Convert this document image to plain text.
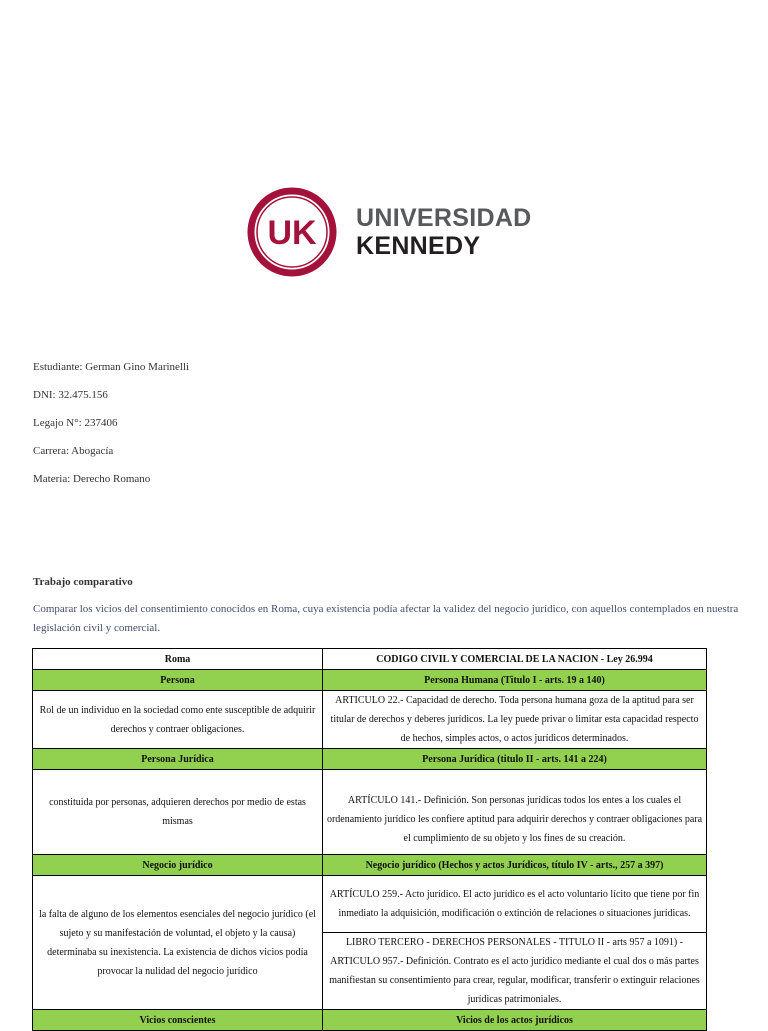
UK UNIVERSIDAD
KENNEDY

Estudiante: German Gino Marinelli

DNI: 32.475.156

Legajo N°: 237406

Carrera: Abogacía

Materia: Derecho Romano

Trabajo comparativo

Comparar los vicios del consentimiento conocidos en Roma, cuya existencia podía afectar la validez del negocio jurídico, con aquellos contemplados en nuestra legislación civil y comercial.

Roma	CODIGO CIVIL Y COMERCIAL DE LA NACION - Ley 26.994
Persona	Persona Humana (Titulo I - arts. 19 a 140)
Rol de un individuo en la sociedad como ente susceptible de adquirir derechos y contraer obligaciones.	ARTICULO 22.- Capacidad de derecho. Toda persona humana goza de la aptitud para ser titular de derechos y deberes jurídicos. La ley puede privar o limitar esta capacidad respecto de hechos, simples actos, o actos jurídicos determinados.
Persona Jurídica	Persona Jurídica (titulo II - arts. 141 a 224)
constituida por personas, adquieren derechos por medio de estas mismas	ARTÍCULO 141.- Definición. Son personas jurídicas todos los entes a los cuales el ordenamiento jurídico les confiere aptitud para adquirir derechos y contraer obligaciones para el cumplimiento de su objeto y los fines de su creación.
Negocio jurídico	Negocio jurídico (Hechos y actos Jurídicos, título IV - arts., 257 a 397)
la falta de alguno de los elementos esenciales del negocio jurídico (el sujeto y su manifestación de voluntad, el objeto y la causa) determinaba su inexistencia. La existencia de dichos vicios podía provocar la nulidad del negocio jurídico	ARTÍCULO 259.- Acto jurídico. El acto jurídico es el acto voluntario lícito que tiene por fin inmediato la adquisición, modificación o extinción de relaciones o situaciones jurídicas.
	LIBRO TERCERO - DERECHOS PERSONALES - TITULO II - arts 957 a 1091) - ARTICULO 957.- Definición. Contrato es el acto jurídico mediante el cual dos o más partes manifiestan su consentimiento para crear, regular, modificar, transferir o extinguir relaciones jurídicas patrimoniales.
Vicios conscientes	Vicios de los actos jurídicos
